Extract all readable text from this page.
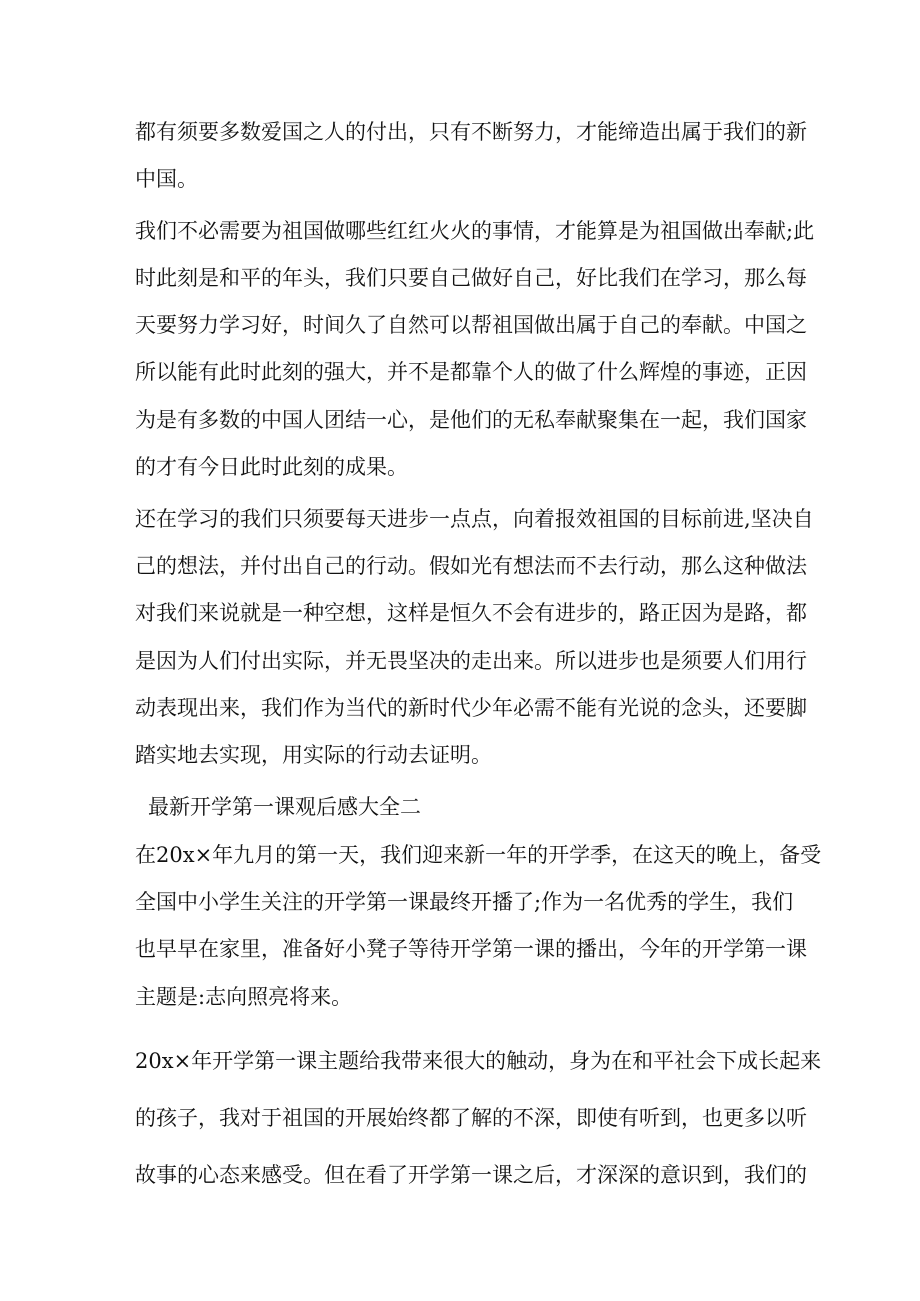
都有须要多数爱国之人的付出，只有不断努力，才能缔造出属于我们的新

中国。

我们不必需要为祖国做哪些红红火火的事情，才能算是为祖国做出奉献;此

时此刻是和平的年头，我们只要自己做好自己，好比我们在学习，那么每

天要努力学习好，时间久了自然可以帮祖国做出属于自己的奉献。中国之

所以能有此时此刻的强大，并不是都靠个人的做了什么辉煌的事迹，正因

为是有多数的中国人团结一心，是他们的无私奉献聚集在一起，我们国家

的才有今日此时此刻的成果。

还在学习的我们只须要每天进步一点点，向着报效祖国的目标前进,坚决自

己的想法，并付出自己的行动。假如光有想法而不去行动，那么这种做法

对我们来说就是一种空想，这样是恒久不会有进步的，路正因为是路，都

是因为人们付出实际，并无畏坚决的走出来。所以进步也是须要人们用行

动表现出来，我们作为当代的新时代少年必需不能有光说的念头，还要脚

踏实地去实现，用实际的行动去证明。

最新开学第一课观后感大全二

在20x×年九月的第一天，我们迎来新一年的开学季，在这天的晚上，备受

全国中小学生关注的开学第一课最终开播了;作为一名优秀的学生，我们

也早早在家里，准备好小凳子等待开学第一课的播出，今年的开学第一课

主题是:志向照亮将来。

20x×年开学第一课主题给我带来很大的触动，身为在和平社会下成长起来

的孩子，我对于祖国的开展始终都了解的不深，即使有听到，也更多以听

故事的心态来感受。但在看了开学第一课之后，才深深的意识到，我们的
